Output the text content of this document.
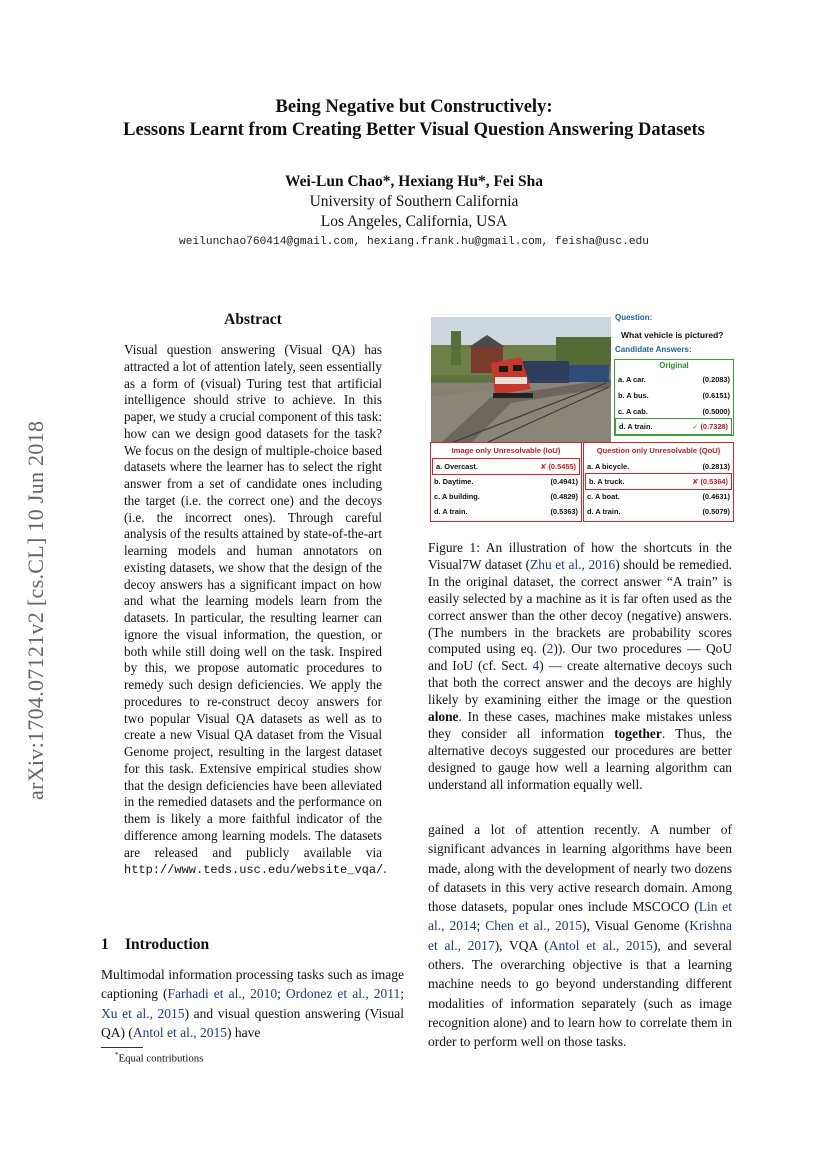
Being Negative but Constructively:
Lessons Learnt from Creating Better Visual Question Answering Datasets
Wei-Lun Chao*, Hexiang Hu*, Fei Sha
University of Southern California
Los Angeles, California, USA
weilunchao760414@gmail.com, hexiang.frank.hu@gmail.com, feisha@usc.edu
arXiv:1704.07121v2 [cs.CL] 10 Jun 2018
Abstract
Visual question answering (Visual QA) has attracted a lot of attention lately, seen essentially as a form of (visual) Turing test that artificial intelligence should strive to achieve. In this paper, we study a crucial component of this task: how can we design good datasets for the task? We focus on the design of multiple-choice based datasets where the learner has to select the right answer from a set of candidate ones including the target (i.e. the correct one) and the decoys (i.e. the incorrect ones). Through careful analysis of the results attained by state-of-the-art learning models and human annotators on existing datasets, we show that the design of the decoy answers has a significant impact on how and what the learning models learn from the datasets. In particular, the resulting learner can ignore the visual information, the question, or both while still doing well on the task. Inspired by this, we propose automatic procedures to remedy such design deficiencies. We apply the procedures to re-construct decoy answers for two popular Visual QA datasets as well as to create a new Visual QA dataset from the Visual Genome project, resulting in the largest dataset for this task. Extensive empirical studies show that the design deficiencies have been alleviated in the remedied datasets and the performance on them is likely a more faithful indicator of the difference among learning models. The datasets are released and publicly available via http://www.teds.usc.edu/website_vqa/.
1 Introduction
Multimodal information processing tasks such as image captioning (Farhadi et al., 2010; Ordonez et al., 2011; Xu et al., 2015) and visual question answering (Visual QA) (Antol et al., 2015) have
*Equal contributions
Question:
What vehicle is pictured?
Candidate Answers:
Original
a. A car.	(0.2083)
b. A bus.	(0.6151)
c. A cab.	(0.5000)
d. A train.	✓ (0.7328)
Image only Unresolvable (IoU)
a. Overcast.	✘ (0.5455)
b. Daytime.	(0.4941)
c. A building.	(0.4829)
d. A train.	(0.5363)
Question only Unresolvable (QoU)
a. A bicycle.	(0.2813)
b. A truck.	✘ (0.5364)
c. A boat.	(0.4631)
d. A train.	(0.5079)
Figure 1: An illustration of how the shortcuts in the Visual7W dataset (Zhu et al., 2016) should be remedied. In the original dataset, the correct answer “A train” is easily selected by a machine as it is far often used as the correct answer than the other decoy (negative) answers. (The numbers in the brackets are probability scores computed using eq. (2)). Our two procedures — QoU and IoU (cf. Sect. 4) — create alternative decoys such that both the correct answer and the decoys are highly likely by examining either the image or the question alone. In these cases, machines make mistakes unless they consider all information together. Thus, the alternative decoys suggested our procedures are better designed to gauge how well a learning algorithm can understand all information equally well.
gained a lot of attention recently. A number of significant advances in learning algorithms have been made, along with the development of nearly two dozens of datasets in this very active research domain. Among those datasets, popular ones include MSCOCO (Lin et al., 2014; Chen et al., 2015), Visual Genome (Krishna et al., 2017), VQA (Antol et al., 2015), and several others. The overarching objective is that a learning machine needs to go beyond understanding different modalities of information separately (such as image recognition alone) and to learn how to correlate them in order to perform well on those tasks.
